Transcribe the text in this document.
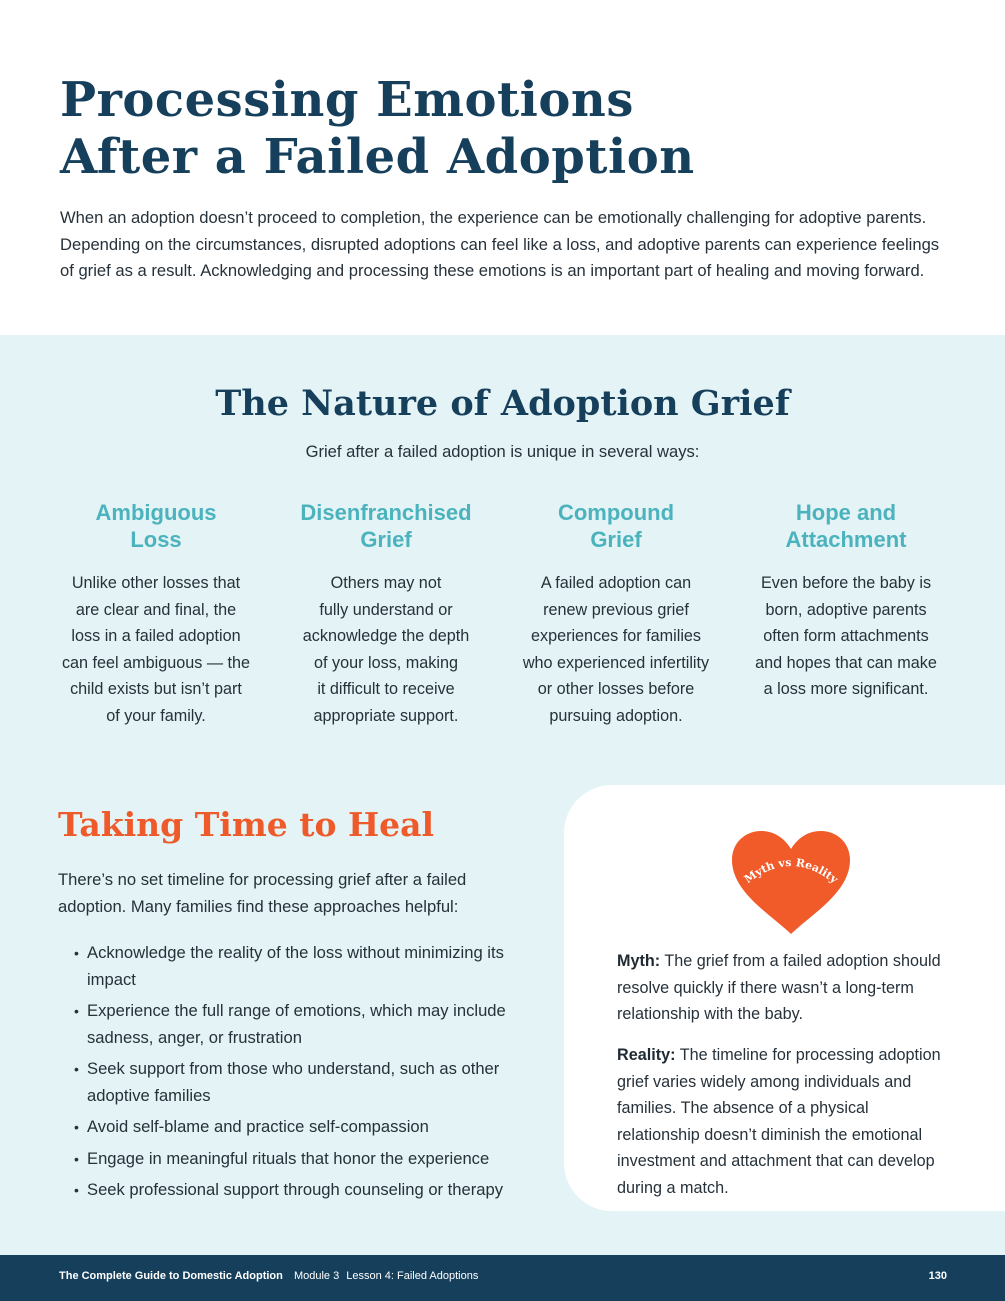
Processing Emotions
After a Failed Adoption

When an adoption doesn’t proceed to completion, the experience can be emotionally challenging for adoptive parents. Depending on the circumstances, disrupted adoptions can feel like a loss, and adoptive parents can experience feelings of grief as a result. Acknowledging and processing these emotions is an important part of healing and moving forward.

The Nature of Adoption Grief

Grief after a failed adoption is unique in several ways:

Ambiguous
Loss

Unlike other losses that
are clear and final, the
loss in a failed adoption
can feel ambiguous — the
child exists but isn’t part
of your family.

Disenfranchised
Grief

Others may not
fully understand or
acknowledge the depth
of your loss, making
it difficult to receive
appropriate support.

Compound
Grief

A failed adoption can
renew previous grief
experiences for families
who experienced infertility
or other losses before
pursuing adoption.

Hope and
Attachment

Even before the baby is
born, adoptive parents
often form attachments
and hopes that can make
a loss more significant.

Taking Time to Heal

There’s no set timeline for processing grief after a failed adoption. Many families find these approaches helpful:

• Acknowledge the reality of the loss without minimizing its impact
• Experience the full range of emotions, which may include sadness, anger, or frustration
• Seek support from those who understand, such as other adoptive families
• Avoid self-blame and practice self-compassion
• Engage in meaningful rituals that honor the experience
• Seek professional support through counseling or therapy
Myth vs Reality

Myth: The grief from a failed adoption should resolve quickly if there wasn’t a long-term relationship with the baby.

Reality: The timeline for processing adoption grief varies widely among individuals and families. The absence of a physical relationship doesn’t diminish the emotional investment and attachment that can develop during a match.

The Complete Guide to Domestic Adoption Module 3 Lesson 4: Failed Adoptions	130
